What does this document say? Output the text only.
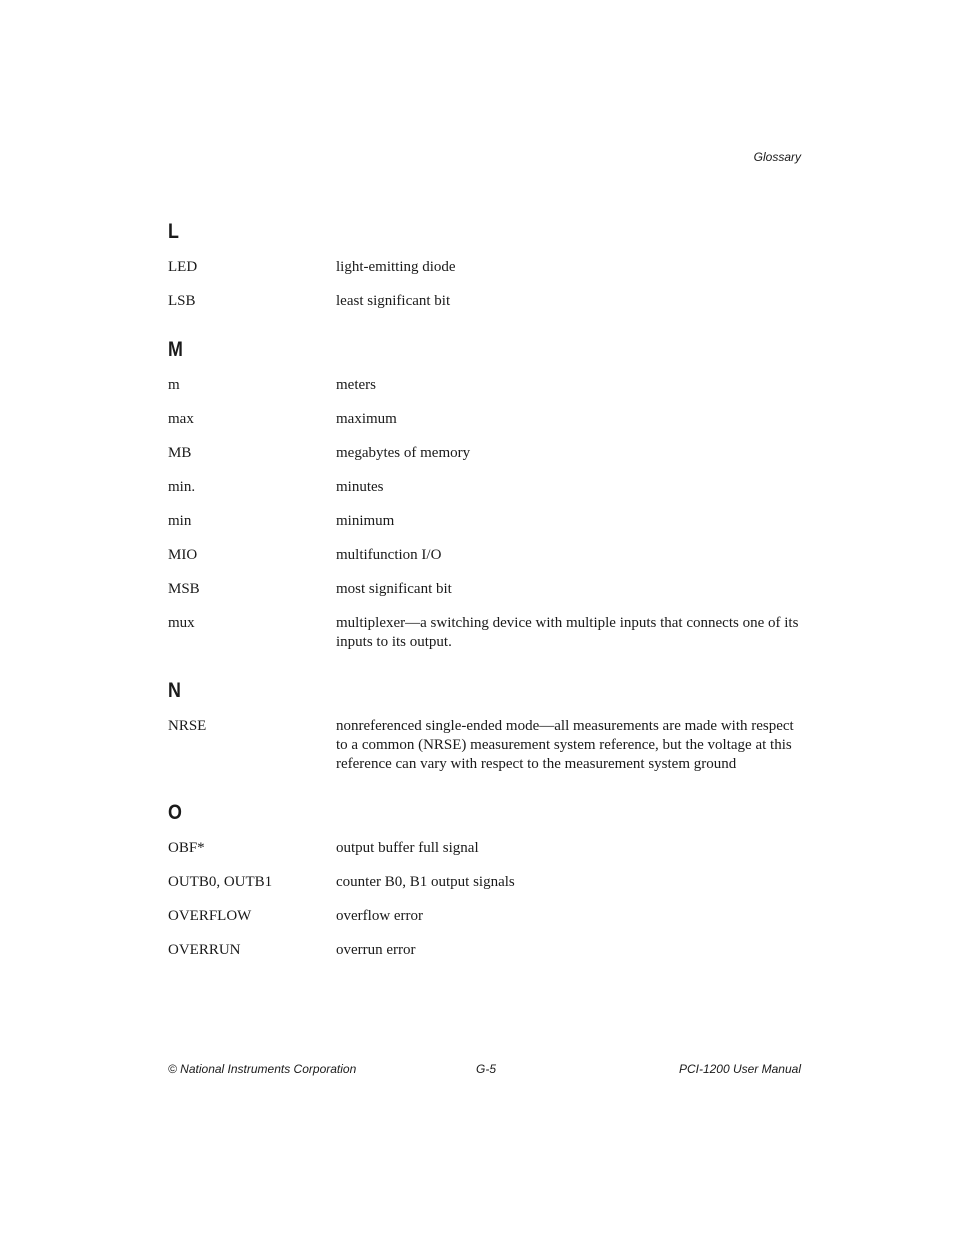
Glossary
L
LED	light-emitting diode
LSB	least significant bit
M
m	meters
max	maximum
MB	megabytes of memory
min.	minutes
min	minimum
MIO	multifunction I/O
MSB	most significant bit
mux	multiplexer—a switching device with multiple inputs that connects one of its inputs to its output.
N
NRSE	nonreferenced single-ended mode—all measurements are made with respect to a common (NRSE) measurement system reference, but the voltage at this reference can vary with respect to the measurement system ground
O
OBF*	output buffer full signal
OUTB0, OUTB1	counter B0, B1 output signals
OVERFLOW	overflow error
OVERRUN	overrun error
© National Instruments Corporation	G-5	PCI-1200 User Manual
